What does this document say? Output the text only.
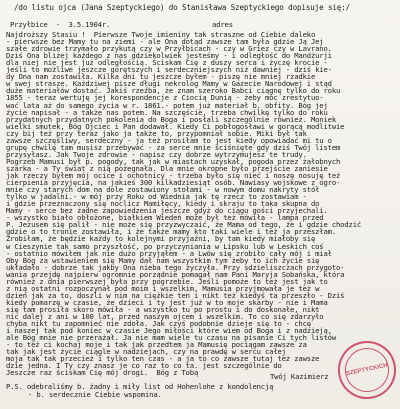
/do listu ojca (Jana Szeptyckiego) do Stanisława Szeptyckiego dopisuje się:/
Przyłbice  -  3.5.1904r.	adres
Najdroższy Stasiu !  Pierwsze Twoje imieniny tak straszne od Ciebie daleko
- pierwsze bez Mamy tu na ziemi - ale Ona dotąd zawsze tam była gdzie Ją Jej
szałe zdrowie trzymało przykutą czy w Przyłbicach - czy w Griez czy w Lavrano.
Dziś Ona bliżej każdego z nas gdziekolwiek jesteśmy - i odległość do Mandżurji
dla niej nie jest już odległością. Ściskam Cię z duszy serca i życzę krocie -
jeśli to możliwe jeszcze gorętszych i serdeczniejszych niż dawniej - dziś kie-
dy Ona nam zostawiła. Kilka dni tu jeszcze byłem - piszę nie mniej rzadkie
w swej strasze. Każdziwej pisze długi nekrolog Mamy w Gazecie Narodowej i stąd
duże materiałów dostać. Jakiś rzeźba, że znam szeroko Babci ciągnę tylko do roku
1855 - teraz wertuję jej korespondencje z Ciocią Dunią - żeby móc zrestytuo-
wać lata aż do samego życia w r. 1861.- potem już materiał b. obfity. Bóg jej
życie napisał - a także nas potem. Na szczęście, trzeba chwilkę tylko do roku
przydatnych przydatnych pokolenia do Boga i posłali szczególnie również. Moniek
wielki smutek, Bóg Ojciec i Pan dodawał. Kiedy Ci pobłogosławi w gorącą modlitwie
czy bij też przy teraz jako ja także to, przypomniał sobie. Miki był tak
zawsze szczęśliwy, serdeczny - ja też prosiłam to jest kiedy opowiadać mi tu o
grupę chwilę tam musisz przebywać - za serce mnie ściśnięte gdy dziś Twój listem
przysyłasz. Jak Twoje zdrowie - napisz czy dobrze wytrzymujesz te trudy.
Pogrzeb Mamusi był p. pogody, tak jak w miastach uzyskał, pogoda przez żałobnych
szarka - a Ty świat z nią pożegnała. Dla mnie okropne było przejście zaniesie
jak rzeczy byłem mój ocice i ochotnicy - trzeba było się nieć i noszę nosuję też
cierpienia przyjęcia, na jakieś 300 kilkadziesiąt osób. Nawiasy wojskowe z ogro-
mnie czy starych dom na dole zostawiony stołami - w nowym domu nakryty stół
tylko w jadalni.- w mój przy Roku od Wiednia jak tę rzecz to zostawiam -
i gdzie przeznaczony się noclicz Mamiłęcy, kiedy i skraju to taka skupna do
Mamy - serce bez żadne zapowiedzenia jeszcze gdyż do ciągu gości przyjechali.
- wszystko biało obłożone, białkiem Wiedeń może był też mówiła - lampa przed
P. Jezusem się palił - nie może się przyzwyczaić, że Mama od tego, że i gdzie chodzić
gdzie o to tronie zostawiła, i że także mamy kto taki wiele i też ja przeszłam.
Zrobiłam, że będzie każdy to kolejnymi przyjaźni, by tam kiedy miałoby się
w Cieszynie tak samo przyszłość, po przyczyniania w Lipsku lub w Leskich coś
- ostatnio mówiłem jak nie dużo przyjąłem - a Lwów się zrobiło cały mój i miał
Oby Bóg za wstawieniem się Mamy dał nam wszystkim tym żeby to ich życie się
układało - dobrze tak jakby Ona nieba tego życzyła. Przy sdzieliszczach przygoto-
wania przejdę najpierw ogromnie porządnie pomagał nam Pani Maryja Sobańska, która
również z dnia pierwszej była przy pogrzebie. Jeśli pomoże to też jest jak to
z nią ostatni rozpoczynał pod moim i wszelkim, Mamusia przyjmowała je też w
dzień jak za to, doszli w nim na ciężkie ten i nikt też kiedyś ta przeszło - Dziś
kiedy pomarzę w czasie, że dzieci i ty jest już w to moje skarby - nie i Mama
się tam prosiła skoro mówiła - a wszystko tu po prostu i do doskonałe, nikt
nic dalej z ani w 100 lat, przed naszym ojcem i wszelkim. To co się zdarzyło
chyba nikt tu zapomnieć nie zdoła. Jak czyś podobnie dzieje się to - chcę
i naszej tak pod koniec w czasie Jego miłości które wiem od Boga i z nadzieją,
ale Bóg mnie nie przerażał. Ja nie mam wiele tu czasu na pisanie Ci tych listów
- to też ci kochaj moje i tak jak przedtem ja Mamusię pociągam zawsze za
tak jak jest życie ciągle w nadziejach, czy na prawdę w sercu całej
moja tak tak przecież i tylko ten czas - a ja to co zawsze tutaj też zawsze
dzie jedna. I Ty czy znasz je co raz to co ta. jest szczególnie do
Jeszcze raz ściskam Cię mój drogi.  Bóg z Tobą	Twój Kazimierz
P.S. odebraliśmy b. żadny i miły list od Hohenlohe z kondolencją
- b. serdecznie Ciebie wspomina.
SZEPTYCKICH
